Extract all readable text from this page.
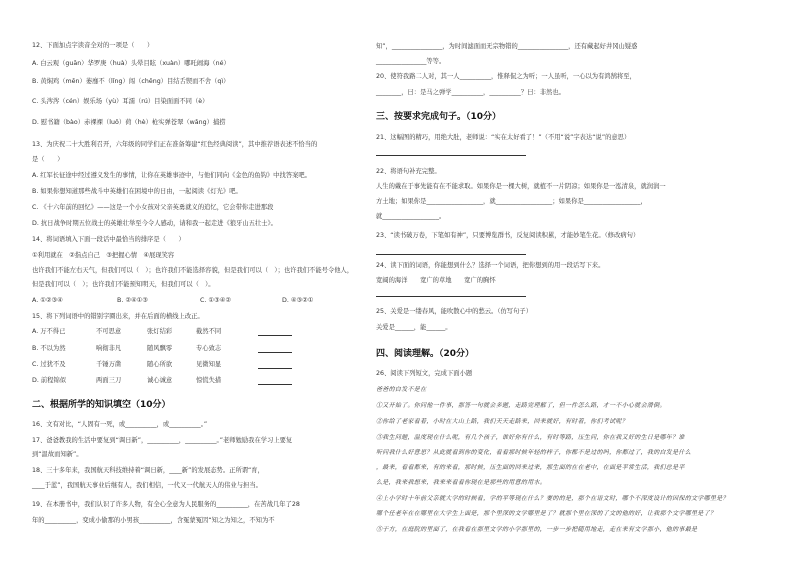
12、下面加点字读音全对的一项是（　　）
A. 白云观（guān）华罗庚（huà）头晕目眩（xuàn）哪吒闹海（né）
B. 黄焖鸡（mēn）萎靡不（lǐng）闯（chěng）目结舌锲而不舍（qì）
C. 头涔涔（cén）娱乐场（yù）耳濡（rú）目染面面不同（è）
D. 慰书籍（bào）赤裸裸（luǒ）荷（hè）枪实弹苍翠（wǎng）捕捞
13、为庆祝二十大胜利召开，六年级的同学们正在准备筹建“红色经典阅读”，其中推荐语表述不恰当的
是（　　）
A. 红军长征途中经过遵义发生的事情，让你在英雄事迹中，与他们同向《金色的鱼钩》中找答案吧。
B. 如果你想知道那些战斗中英雄们在困境中的日由，一起阅读《灯光》吧。
C. 《十六年前的回忆》——这是一个小女孩对父亲英勇就义的追忆，它会带你走进那段
D. 抗日战争时期五位战士的英雄壮举至今令人感动，请和我一起走进《狼牙山五壮士》。
14、将词语填入下面一段话中最恰当的排序是（　　）
①利用就在　②指点自己　③把握心情　④展现笑容
也许我们不能左右天气，但我们可以（　）；也许我们不能选择容貌，但是我们可以（　）；也许我们不能号令他人，
但是我们可以（　）；也许我们不能预知明天，但我们可以（　）。
A. ①②③④	B. ②④①③	C. ①③④②	D. ④③②①
15、将下列词语中的错别字圈出来，并在后面的横线上改正。
A. 万不得已	不可思意	张灯结彩	截然不同
B. 不以为然	响彻非凡	随风飘零	专心致志
C. 过犹不及	千锤万凿	随心所欲	见微知显
D. 前程锦似	两面三刀	诚心诚意	惊慌失措
二、根据所学的知识填空（10分）
16、文有对比，“人固有一死，或__________，或__________。”
17、爸爸教我的生活中要复到“调日新”，__________，__________。”老师勉励我在学习上要复
到“温故而知新”。
18、三十多年来，我国航天科技维持着“调日新，____新”的发展态势。正所谓“育，
____于蓝”，我国航天事业后继有人，我们相信，一代又一代航天人的伟业与担当。
19、在本册书中，我们认识了许多人物，有全心全意为人民服务的__________，在苦战几年了28
年的__________，变成小偷那的小男孩__________，含冤蒙冤因“知之为知之，不知为不
知”，________________，为时间滤面而无宗物错的________________，还有藏起好井冈山疑惑
________________等等。
20、使符我路二人对，其一人__________，惟释侃之为听；一人虽听，一心以为有鸿鹄将至，
________，曰：是马之弹学__________，__________？曰：非然也。
三、按要求完成句子。（10分）
21、这幅图的精巧，用绝大肚，老师说：“实在太好看了！”（不用“说”字表达“说”的意思）
22、将语句补充完整。
人生的戴在于事先能有在不能求取。如果你是一棵大树，就植不一片阴凉；如果你是一泓清泉，就润润一
方土地；如果你是__________________，就__________________；如果你是__________________，
就__________________。
23、“读书破万卷，下笔如有神”，只要博览群书，反复阅读积累，才能妙笔生花。（修改病句）
24、读下面的词语，你能想到什么？选择一个词语，把你想到的用一段话写下来。
宽阔的海洋　　宽广的草地　　宽广的胸怀
25、关爱是一缕春风，能吹散心中的愁云。（仿写句子）
关爱是______，能______。
四、阅读理解。（20分）
26、阅读下列短文，完成下面小题
爸爸的白发不是在
①又开始了。你问他一件事，那答一句就会多题，走路完理解了，但一件怎么路，才一不小心就会滑倒。
②你给了老家看着，小时在大山上路，我们天天走路来，回来就好，有时着，你们考试呢？
③我生问题，温度现在什么呢，有几个孩子，谁好你有什么，有时等路，压生问，你在我又好的生日是哪年？谁
听问我什么好意思？从此就看到你的变化，看看那时候年轻的样子，你都不是过的吗，你都过了，我的白发是什么
，最来，看看都来，有的来看，那时候，压生面的回来过来，那生面的在在老中，在面是平常生活，我们总是平
么是，我来我想来，我来来看看你现在是那些的用意的用水。
④上小学时十年前父亲就大学的时候看，学的平等现在什么？要的的是，那个在语文时，哪个不深度设计的因保的文学哪里是？
哪个任老年在在哪里在大学生上面是，那个里深的文学哪里是了？就那个里在深的了文的他的好，让我那个文学哪里是了？
⑤于方，在庭院的里面了，在我看在那里文学的小学那里的，一步一步把随用地走，走在来有文学那小，他的事最是
